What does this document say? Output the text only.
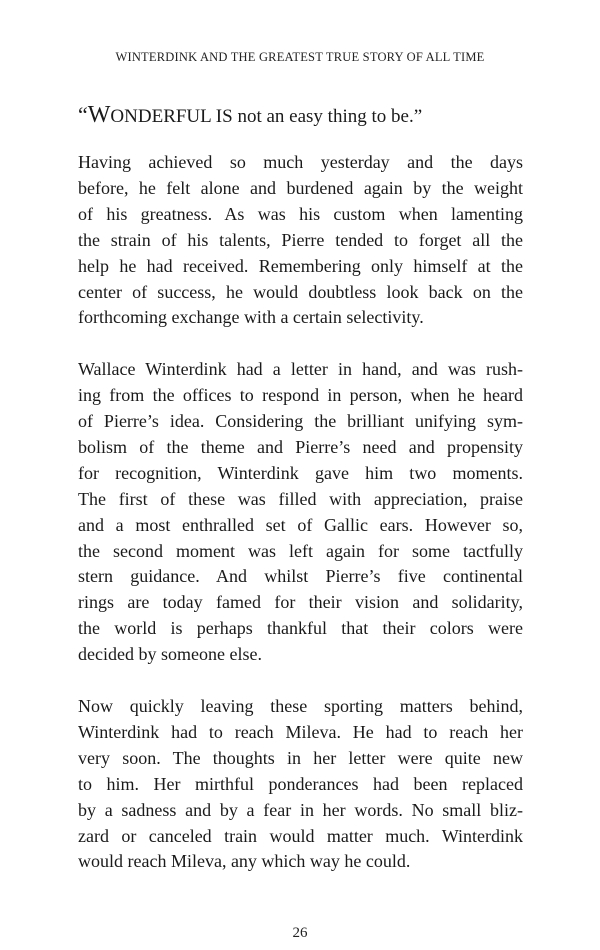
WINTERDINK AND THE GREATEST TRUE STORY OF ALL TIME
“WONDERFUL IS not an easy thing to be.”
Having achieved so much yesterday and the days
before, he felt alone and burdened again by the weight
of his greatness. As was his custom when lamenting
the strain of his talents, Pierre tended to forget all the
help he had received. Remembering only himself at the
center of success, he would doubtless look back on the
forthcoming exchange with a certain selectivity.
Wallace Winterdink had a letter in hand, and was rush-
ing from the offices to respond in person, when he heard
of Pierre’s idea. Considering the brilliant unifying sym-
bolism of the theme and Pierre’s need and propensity
for recognition, Winterdink gave him two moments.
The first of these was filled with appreciation, praise
and a most enthralled set of Gallic ears. However so,
the second moment was left again for some tactfully
stern guidance. And whilst Pierre’s five continental
rings are today famed for their vision and solidarity,
the world is perhaps thankful that their colors were
decided by someone else.
Now quickly leaving these sporting matters behind,
Winterdink had to reach Mileva. He had to reach her
very soon. The thoughts in her letter were quite new
to him. Her mirthful ponderances had been replaced
by a sadness and by a fear in her words. No small bliz-
zard or canceled train would matter much. Winterdink
would reach Mileva, any which way he could.
26
